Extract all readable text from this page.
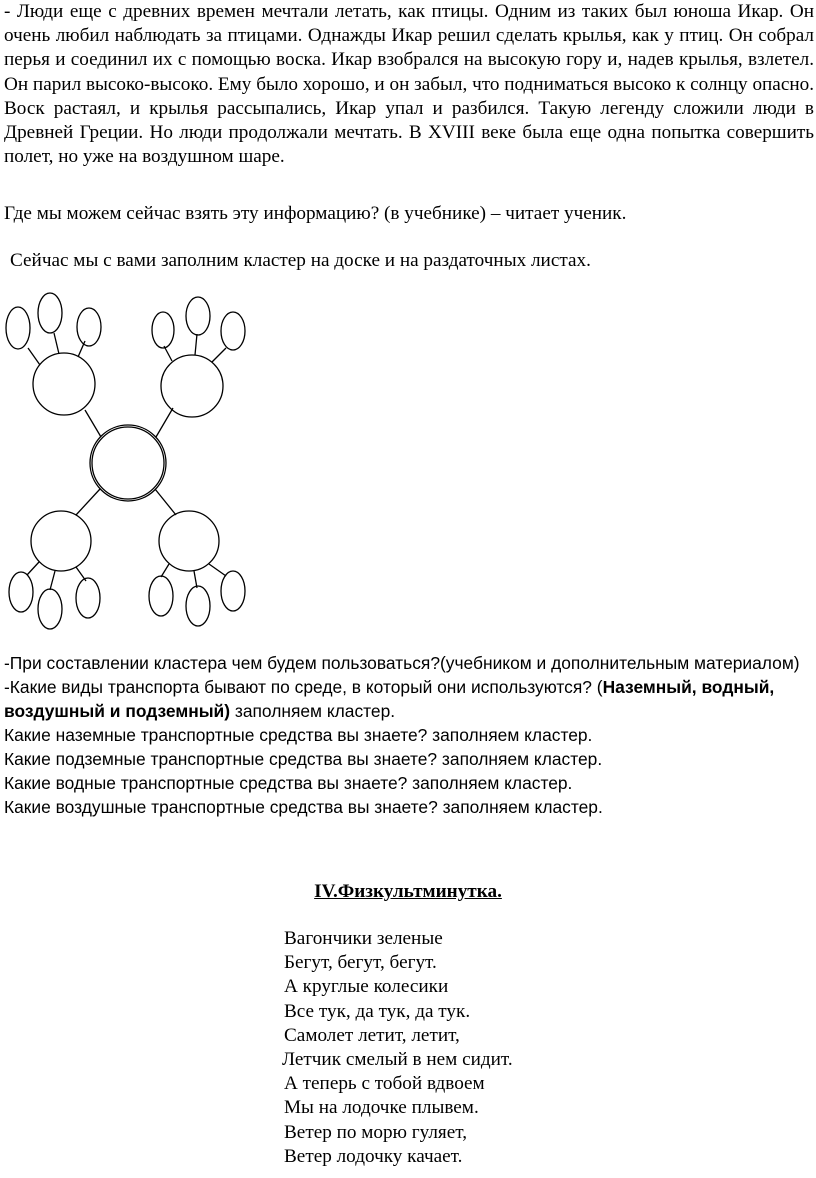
- Люди еще с древних времен мечтали летать, как птицы. Одним из таких был юноша Икар. Он очень любил наблюдать за птицами. Однажды Икар решил сделать крылья, как у птиц. Он собрал перья и соединил их с помощью воска. Икар взобрался на высокую гору и, надев крылья, взлетел. Он парил высоко-высоко. Ему было хорошо, и он забыл, что подниматься высоко к солнцу опасно. Воск растаял, и крылья рассыпались, Икар упал и разбился. Такую легенду сложили люди в Древней Греции. Но люди продолжали мечтать. В XVIII веке была еще одна попытка совершить полет, но уже на воздушном шаре.

Где мы можем сейчас взять эту информацию? (в учебнике) – читает ученик.
Сейчас мы с вами заполним кластер на доске и на раздаточных листах.

-При составлении кластера чем будем пользоваться?(учебником и дополнительным материалом)

-Какие виды транспорта бывают по среде, в который они используются? (Наземный, водный, воздушный и подземный) заполняем кластер.

Какие наземные транспортные средства вы знаете? заполняем кластер.

Какие подземные транспортные средства вы знаете? заполняем кластер.

Какие водные транспортные средства вы знаете? заполняем кластер.

Какие воздушные транспортные средства вы знаете? заполняем кластер.

IV.Физкультминутка.
Вагончики зеленые
Бегут, бегут, бегут.
А круглые колесики
Все тук, да тук, да тук.
Самолет летит, летит,
Летчик смелый в нем сидит.
А теперь с тобой вдвоем
Мы на лодочке плывем.
Ветер по морю гуляет,
Ветер лодочку качает.
